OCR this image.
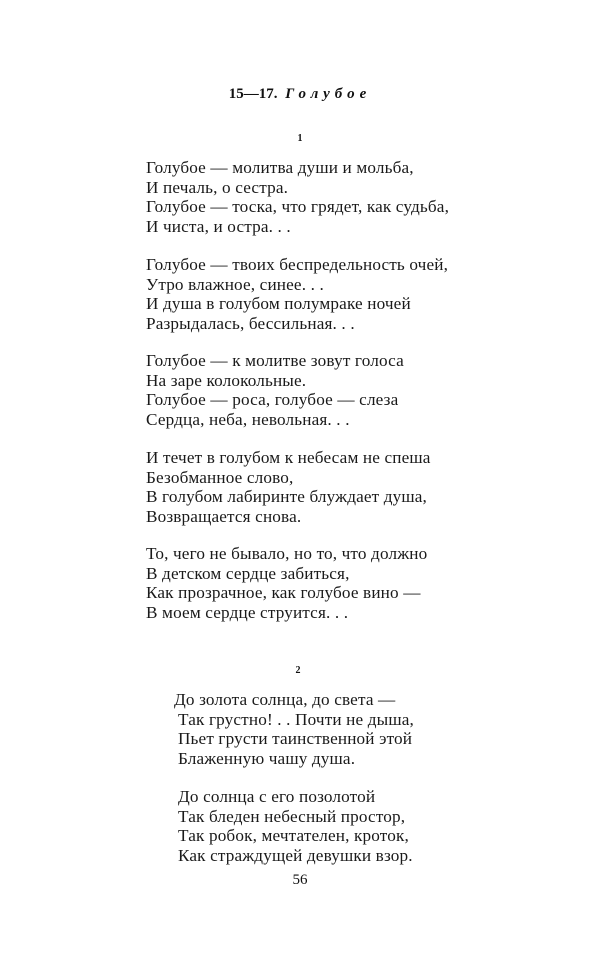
15—17. Голубое
1
Голубое — молитва души и мольба,
И печаль, о сестра.
Голубое — тоска, что грядет, как судьба,
И чиста, и остра. . .
Голубое — твоих беспредельность очей,
Утро влажное, синее. . .
И душа в голубом полумраке ночей
Разрыдалась, бессильная. . .
Голубое — к молитве зовут голоса
На заре колокольные.
Голубое — роса, голубое — слеза
Сердца, неба, невольная. . .
И течет в голубом к небесам не спеша
Безобманное слово,
В голубом лабиринте блуждает душа,
Возвращается снова.
То, чего не бывало, но то, что должно
В детском сердце забиться,
Как прозрачное, как голубое вино —
В моем сердце струится. . .
2
До золота солнца, до света —
Так грустно! . . Почти не дыша,
Пьет грусти таинственной этой
Блаженную чашу душа.
До солнца с его позолотой
Так бледен небесный простор,
Так робок, мечтателен, кроток,
Как страждущей девушки взор.
56
